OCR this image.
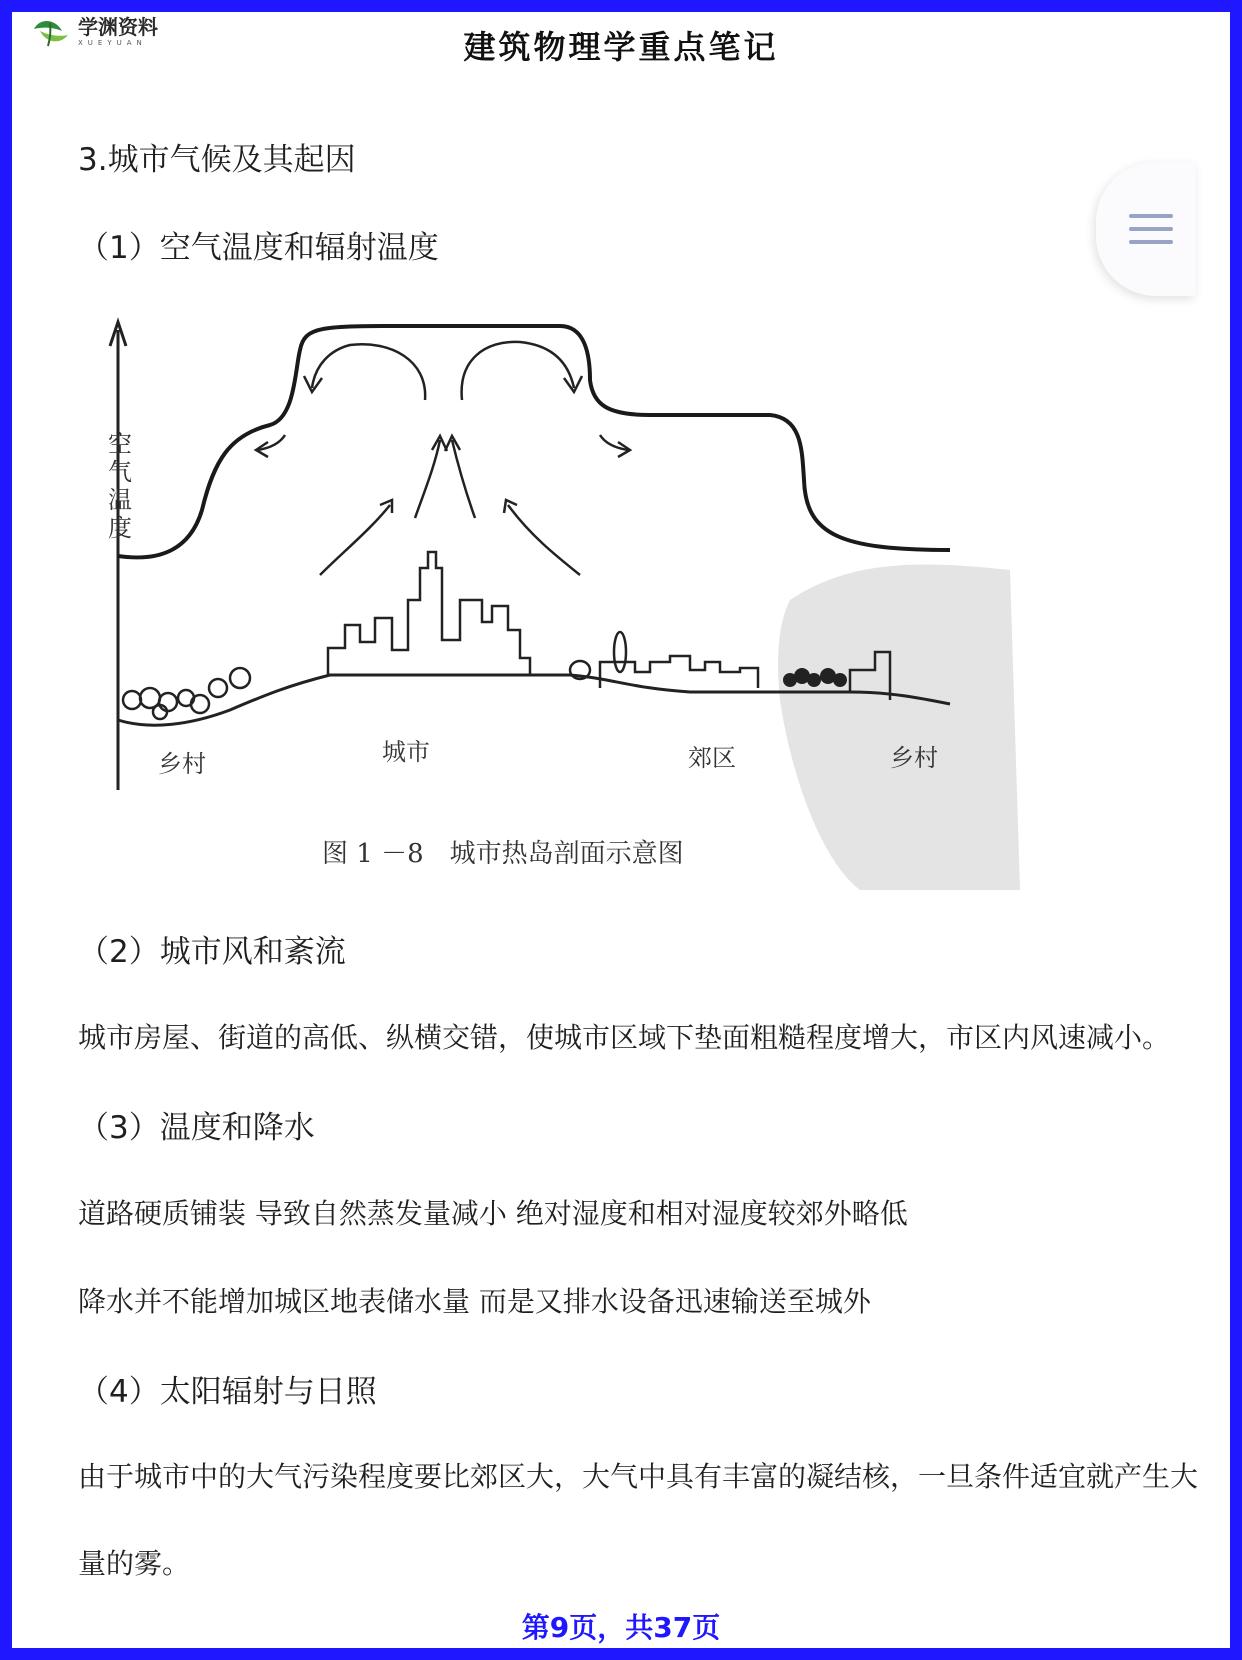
学渊资料
XUEYUAN	建筑物理学重点笔记
3.城市气候及其起因
（1）空气温度和辐射温度
空
气
温
度
乡村	城市	郊区	乡村
图 1 －8　城市热岛剖面示意图
（2）城市风和紊流
城市房屋、街道的高低、纵横交错，使城市区域下垫面粗糙程度增大，市区内风速减小。
（3）温度和降水
道路硬质铺装 导致自然蒸发量减小 绝对湿度和相对湿度较郊外略低
降水并不能增加城区地表储水量 而是又排水设备迅速输送至城外
（4）太阳辐射与日照
由于城市中的大气污染程度要比郊区大，大气中具有丰富的凝结核，一旦条件适宜就产生大
量的雾。
第9页，共37页
